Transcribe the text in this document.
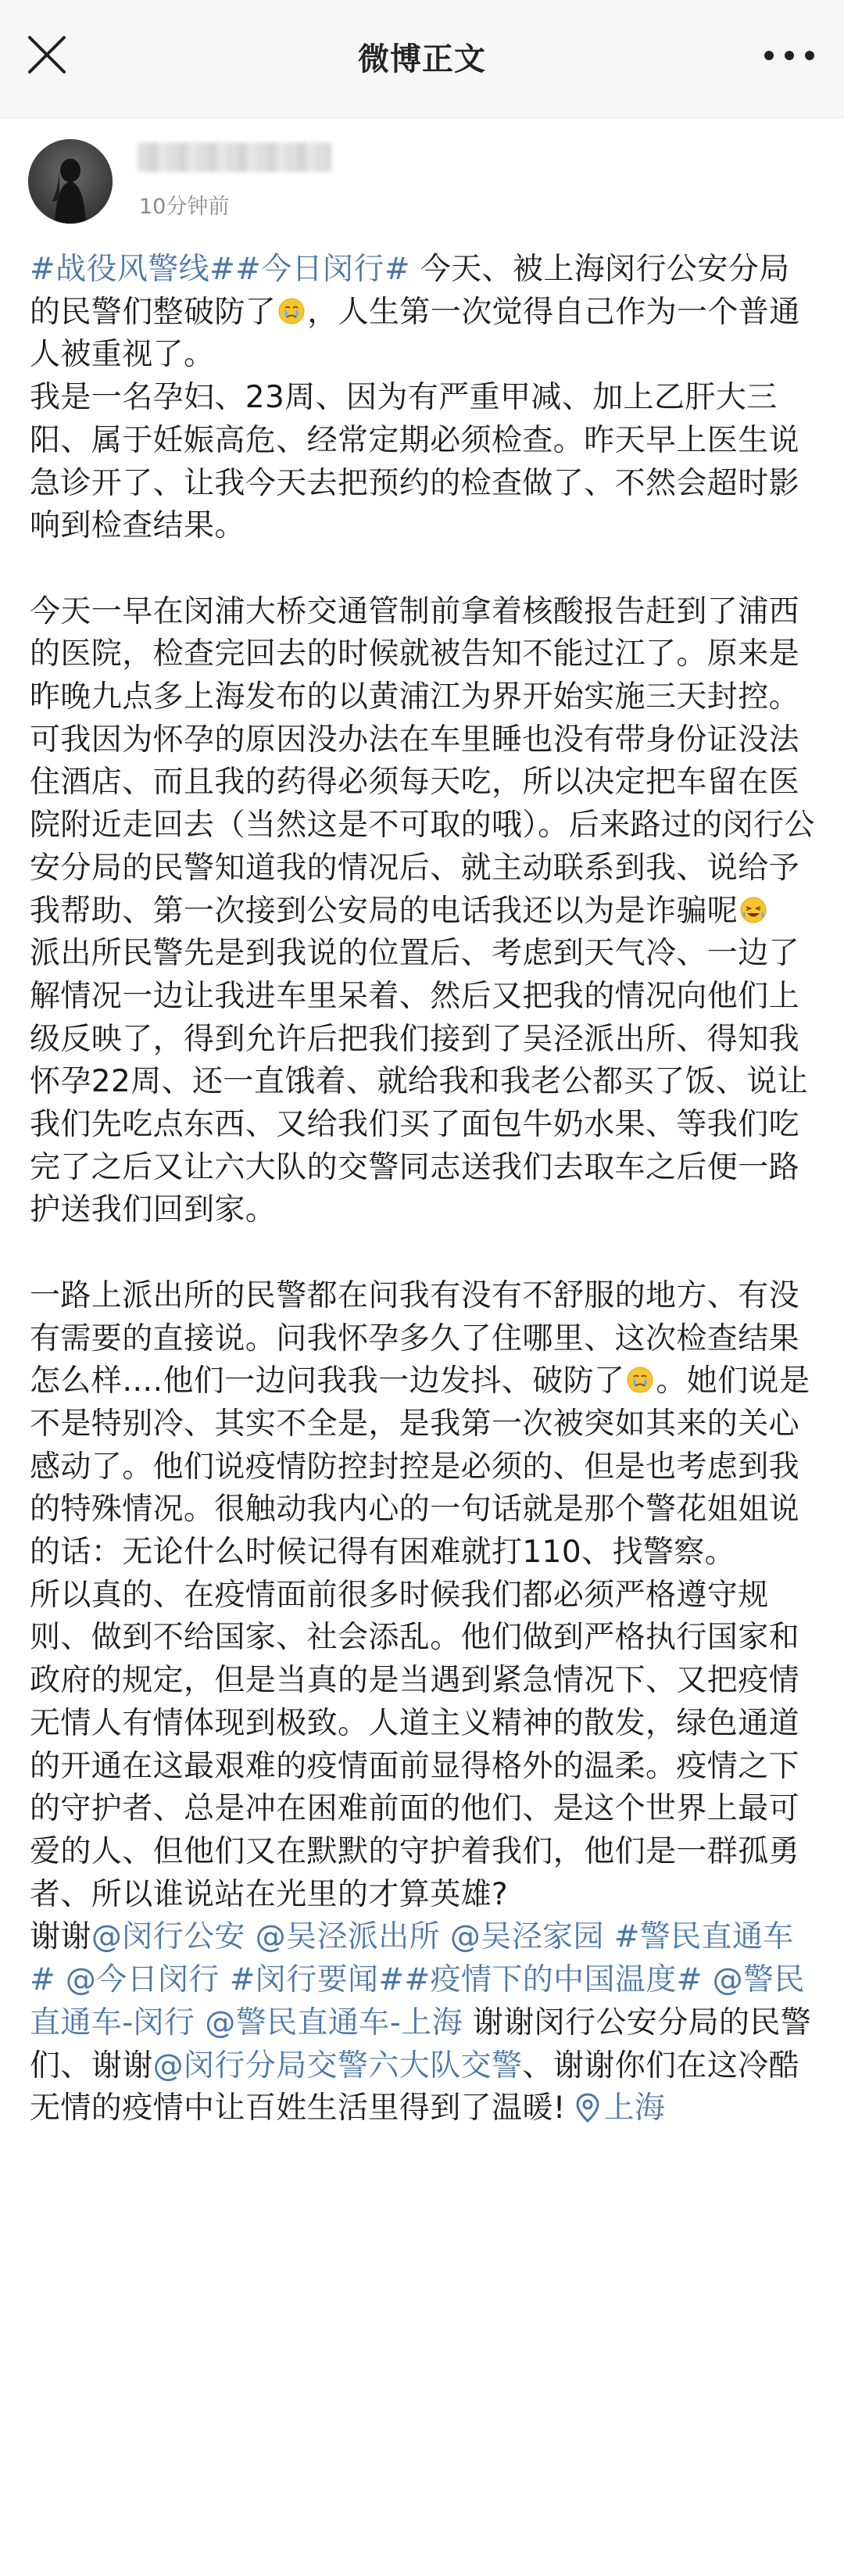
微博正文
10分钟前

#战役风警线##今日闵行# 今天、被上海闵行公安分局的民警们整破防了 ，人生第一次觉得自己作为一个普通人被重视了。

我是一名孕妇、23周、因为有严重甲减、加上乙肝大三阳、属于妊娠高危、经常定期必须检查。昨天早上医生说急诊开了、让我今天去把预约的检查做了、不然会超时影响到检查结果。

今天一早在闵浦大桥交通管制前拿着核酸报告赶到了浦西的医院，检查完回去的时候就被告知不能过江了。原来是昨晚九点多上海发布的以黄浦江为界开始实施三天封控。

可我因为怀孕的原因没办法在车里睡也没有带身份证没法住酒店、而且我的药得必须每天吃，所以决定把车留在医院附近走回去（当然这是不可取的哦）。后来路过的闵行公安分局的民警知道我的情况后、就主动联系到我、说给予我帮助、第一次接到公安局的电话我还以为是诈骗呢

派出所民警先是到我说的位置后、考虑到天气冷、一边了解情况一边让我进车里呆着、然后又把我的情况向他们上级反映了，得到允许后把我们接到了吴泾派出所、得知我怀孕22周、还一直饿着、就给我和我老公都买了饭、说让我们先吃点东西、又给我们买了面包牛奶水果、等我们吃完了之后又让六大队的交警同志送我们去取车之后便一路护送我们回到家。

一路上派出所的民警都在问我有没有不舒服的地方、有没有需要的直接说。问我怀孕多久了住哪里、这次检查结果怎么样….他们一边问我我一边发抖、破防了 。她们说是不是特别冷、其实不全是，是我第一次被突如其来的关心感动了。他们说疫情防控封控是必须的、但是也考虑到我的特殊情况。很触动我内心的一句话就是那个警花姐姐说的话：无论什么时候记得有困难就打110、找警察。

所以真的、在疫情面前很多时候我们都必须严格遵守规则、做到不给国家、社会添乱。他们做到严格执行国家和政府的规定，但是当真的是当遇到紧急情况下、又把疫情无情人有情体现到极致。人道主义精神的散发，绿色通道的开通在这最艰难的疫情面前显得格外的温柔。疫情之下的守护者、总是冲在困难前面的他们、是这个世界上最可爱的人、但他们又在默默的守护着我们，他们是一群孤勇者、所以谁说站在光里的才算英雄?

谢谢@闵行公安 @吴泾派出所 @吴泾家园 #警民直通车# @今日闵行 #闵行要闻##疫情下的中国温度# @警民直通车-闵行 @警民直通车-上海 谢谢闵行公安分局的民警们、谢谢@闵行分局交警六大队交警、谢谢你们在这冷酷无情的疫情中让百姓生活里得到了温暖! 上海
